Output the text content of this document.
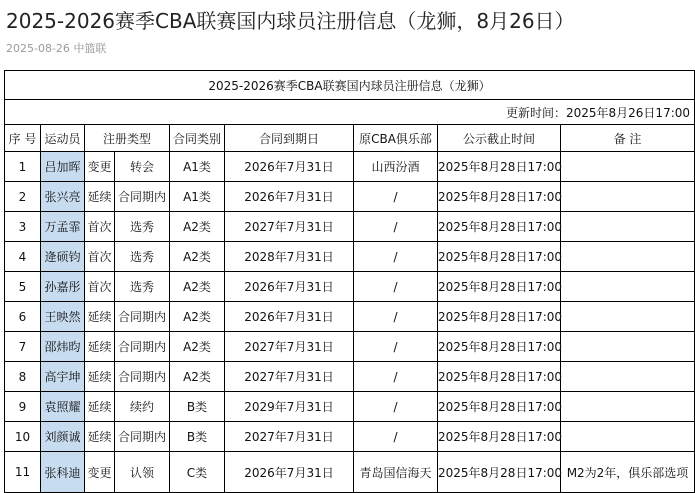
2025-2026赛季CBA联赛国内球员注册信息（龙狮，8月26日）
2025-08-26 中篮联
2025-2026赛季CBA联赛国内球员注册信息（龙狮）								
更新时间：2025年8月26日17:00								
序 号	运动员	注册类型		合同类别	合同到期日	原CBA俱乐部	公示截止时间	备 注
1	吕加晖	变更	转会	A1类	2026年7月31日	山西汾酒	2025年8月28日17:00	
2	张兴亮	延续	合同期内	A1类	2026年7月31日	/	2025年8月28日17:00	
3	万孟霏	首次	选秀	A2类	2027年7月31日	/	2025年8月28日17:00	
4	逄硕钧	首次	选秀	A2类	2028年7月31日	/	2025年8月28日17:00	
5	孙嘉彤	首次	选秀	A2类	2026年7月31日	/	2025年8月28日17:00	
6	王映然	延续	合同期内	A2类	2026年7月31日	/	2025年8月28日17:00	
7	邵炜昀	延续	合同期内	A2类	2027年7月31日	/	2025年8月28日17:00	
8	高宇坤	延续	合同期内	A2类	2027年7月31日	/	2025年8月28日17:00	
9	袁照耀	延续	续约	B类	2029年7月31日	/	2025年8月28日17:00	
10	刘颜诚	延续	合同期内	B类	2027年7月31日	/	2025年8月28日17:00	
11	张科迪	变更	认领	C类	2026年7月31日	青岛国信海天	2025年8月28日17:00	M2为2年，俱乐部选项
